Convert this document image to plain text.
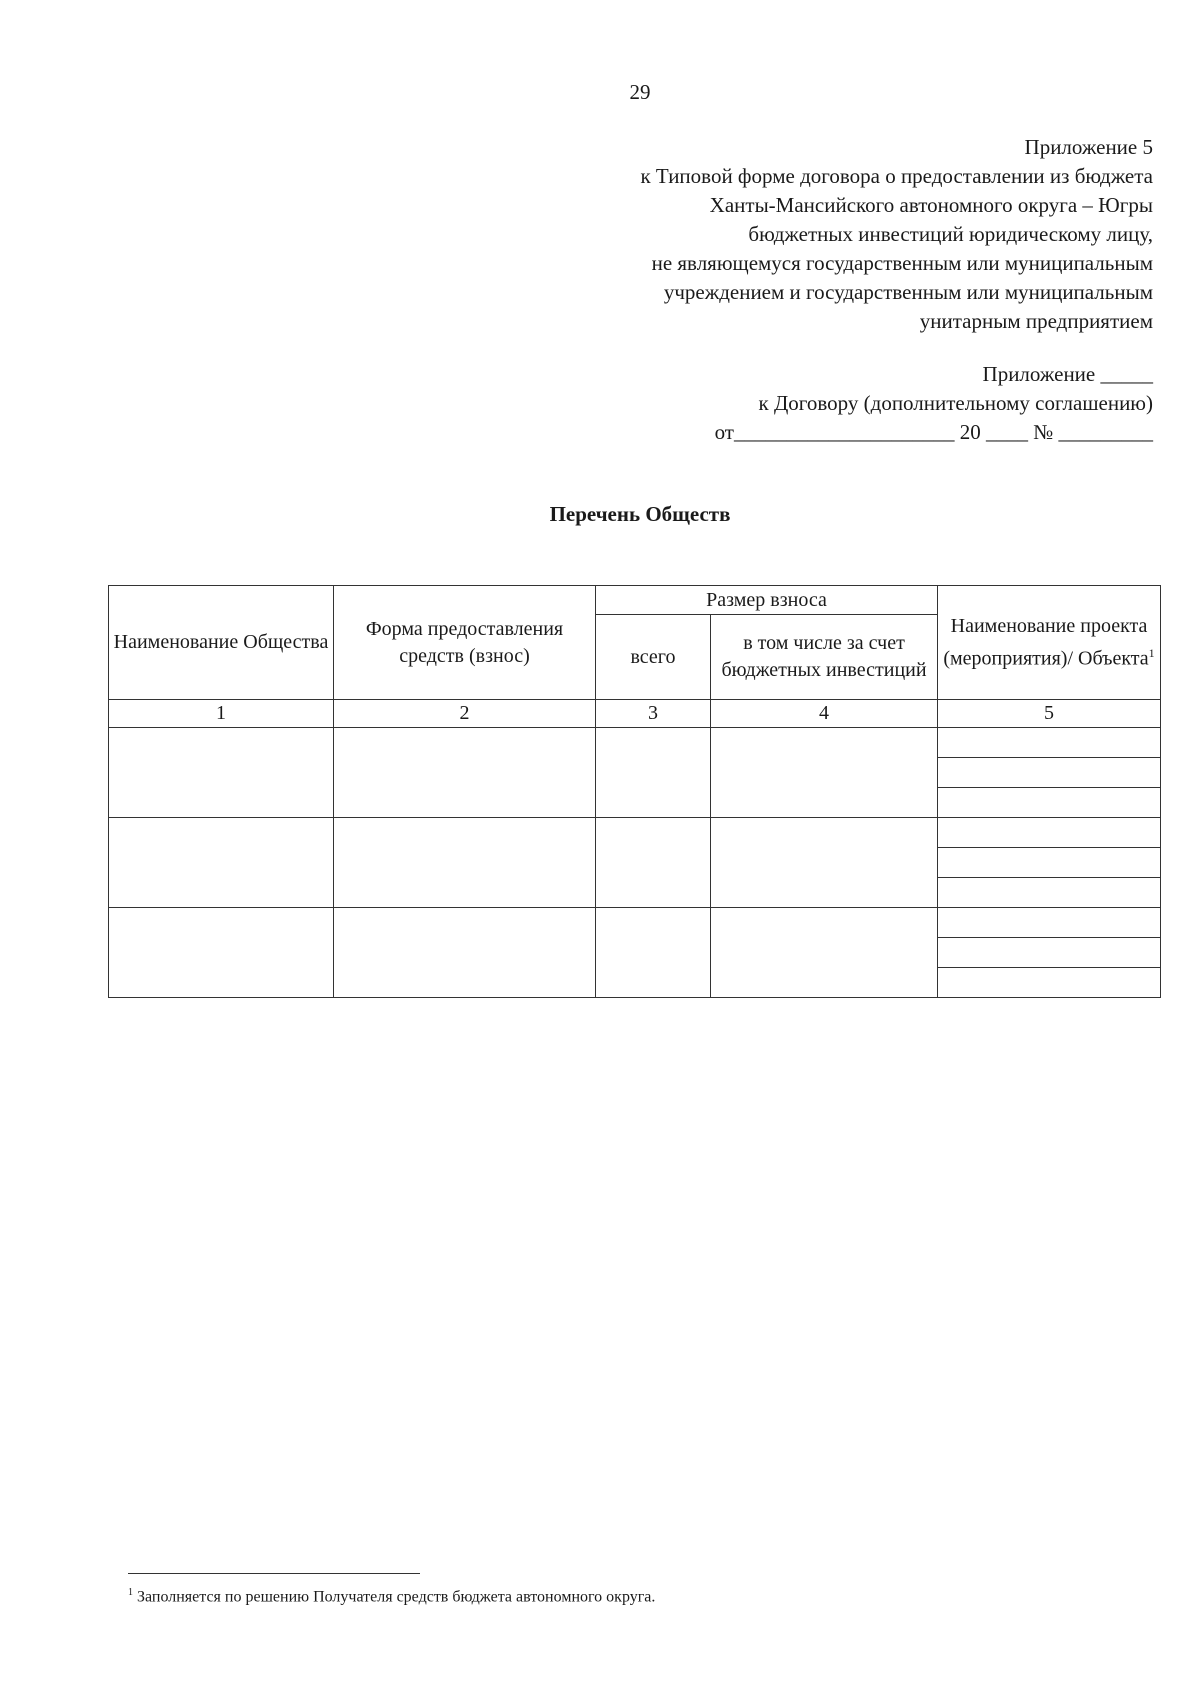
29
Приложение 5
к Типовой форме договора о предоставлении из бюджета
Ханты-Мансийского автономного округа – Югры
бюджетных инвестиций юридическому лицу,
не являющемуся государственным или муниципальным
учреждением и государственным или муниципальным
унитарным предприятием
Приложение _____
к Договору (дополнительному соглашению)
от_____________________ 20 ____ № _________
Перечень Обществ
Наименование Общества	Форма предоставления средств (взнос)	Размер взноса		Наименование проекта (мероприятия)/ Объекта$^1$
		всего	в том числе за счет бюджетных инвестиций	
1	2	3	4	5

$^1$ Заполняется по решению Получателя средств бюджета автономного округа.
